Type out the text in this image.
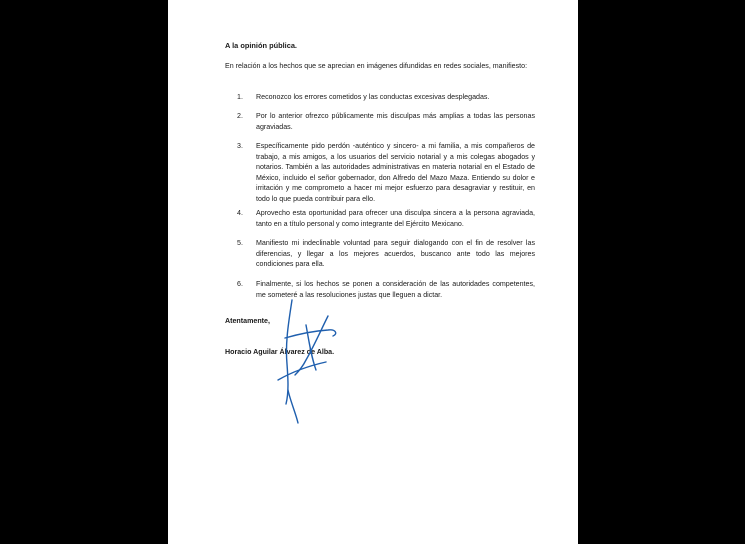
A la opinión pública.
En relación a los hechos que se aprecian en imágenes difundidas en redes sociales, manifiesto:
1. Reconozco los errores cometidos y las conductas excesivas desplegadas.
2. Por lo anterior ofrezco públicamente mis disculpas más amplias a todas las personas agraviadas.
3. Específicamente pido perdón -auténtico y sincero- a mi familia, a mis compañeros de trabajo, a mis amigos, a los usuarios del servicio notarial y a mis colegas abogados y notarios. También a las autoridades administrativas en materia notarial en el Estado de México, incluido el señor gobernador, don Alfredo del Mazo Maza. Entiendo su dolor e irritación y me comprometo a hacer mi mejor esfuerzo para desagraviar y restituir, en todo lo que pueda contribuir para ello.
4. Aprovecho esta oportunidad para ofrecer una disculpa sincera a la persona agraviada, tanto en a título personal y como integrante del Ejército Mexicano.
5. Manifiesto mi indeclinable voluntad para seguir dialogando con el fin de resolver las diferencias, y llegar a los mejores acuerdos, buscanco ante todo las mejores condiciones para ella.
6. Finalmente, si los hechos se ponen a consideración de las autoridades competentes, me someteré a las resoluciones justas que lleguen a dictar.
Atentamente,
Horacio Aguilar Álvarez de Alba.
